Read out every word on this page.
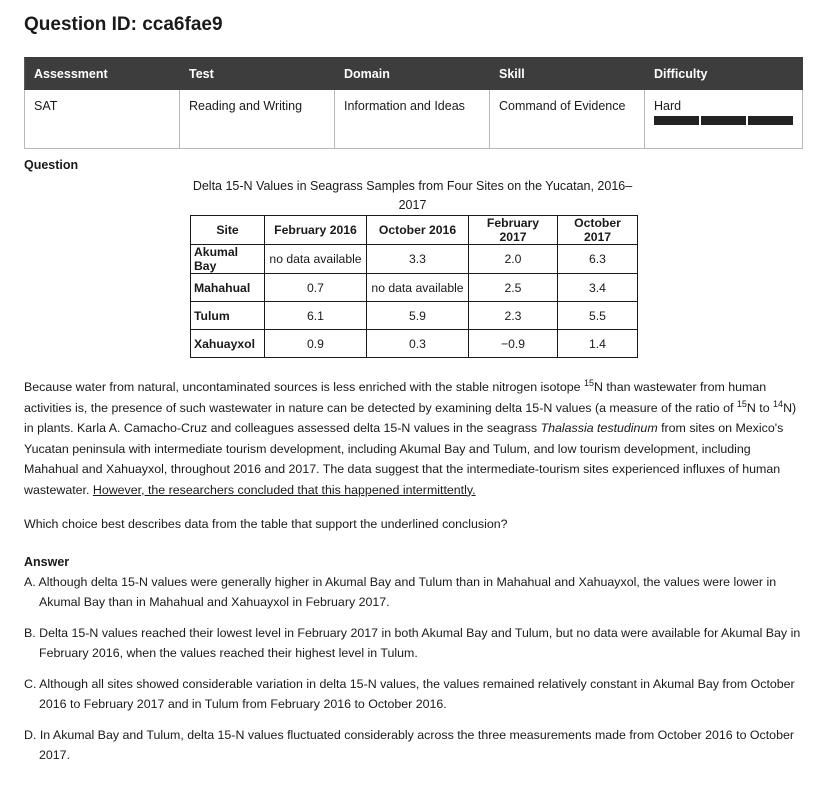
Question ID: cca6fae9
Assessment	Test	Domain	Skill	Difficulty
SAT	Reading and Writing	Information and Ideas	Command of Evidence	Hard
Question
Delta 15-N Values in Seagrass Samples from Four Sites on the Yucatan, 2016–2017
Site	February 2016	October 2016	February 2017	October 2017
Akumal Bay	no data available	3.3	2.0	6.3
Mahahual	0.7	no data available	2.5	3.4
Tulum	6.1	5.9	2.3	5.5
Xahuayxol	0.9	0.3	−0.9	1.4

Because water from natural, uncontaminated sources is less enriched with the stable nitrogen isotope $^{15}$N than wastewater from human activities is, the presence of such wastewater in nature can be detected by examining delta 15-N values (a measure of the ratio of $^{15}$N to $^{14}$N) in plants. Karla A. Camacho-Cruz and colleagues assessed delta 15-N values in the seagrass Thalassia testudinum from sites on Mexico's Yucatan peninsula with intermediate tourism development, including Akumal Bay and Tulum, and low tourism development, including Mahahual and Xahuayxol, throughout 2016 and 2017. The data suggest that the intermediate-tourism sites experienced influxes of human wastewater. However, the researchers concluded that this happened intermittently.

Which choice best describes data from the table that support the underlined conclusion?

Answer
A. Although delta 15-N values were generally higher in Akumal Bay and Tulum than in Mahahual and Xahuayxol, the values were lower in Akumal Bay than in Mahahual and Xahuayxol in February 2017.
B. Delta 15-N values reached their lowest level in February 2017 in both Akumal Bay and Tulum, but no data were available for Akumal Bay in February 2016, when the values reached their highest level in Tulum.
C. Although all sites showed considerable variation in delta 15-N values, the values remained relatively constant in Akumal Bay from October 2016 to February 2017 and in Tulum from February 2016 to October 2016.
D. In Akumal Bay and Tulum, delta 15-N values fluctuated considerably across the three measurements made from October 2016 to October 2017.
